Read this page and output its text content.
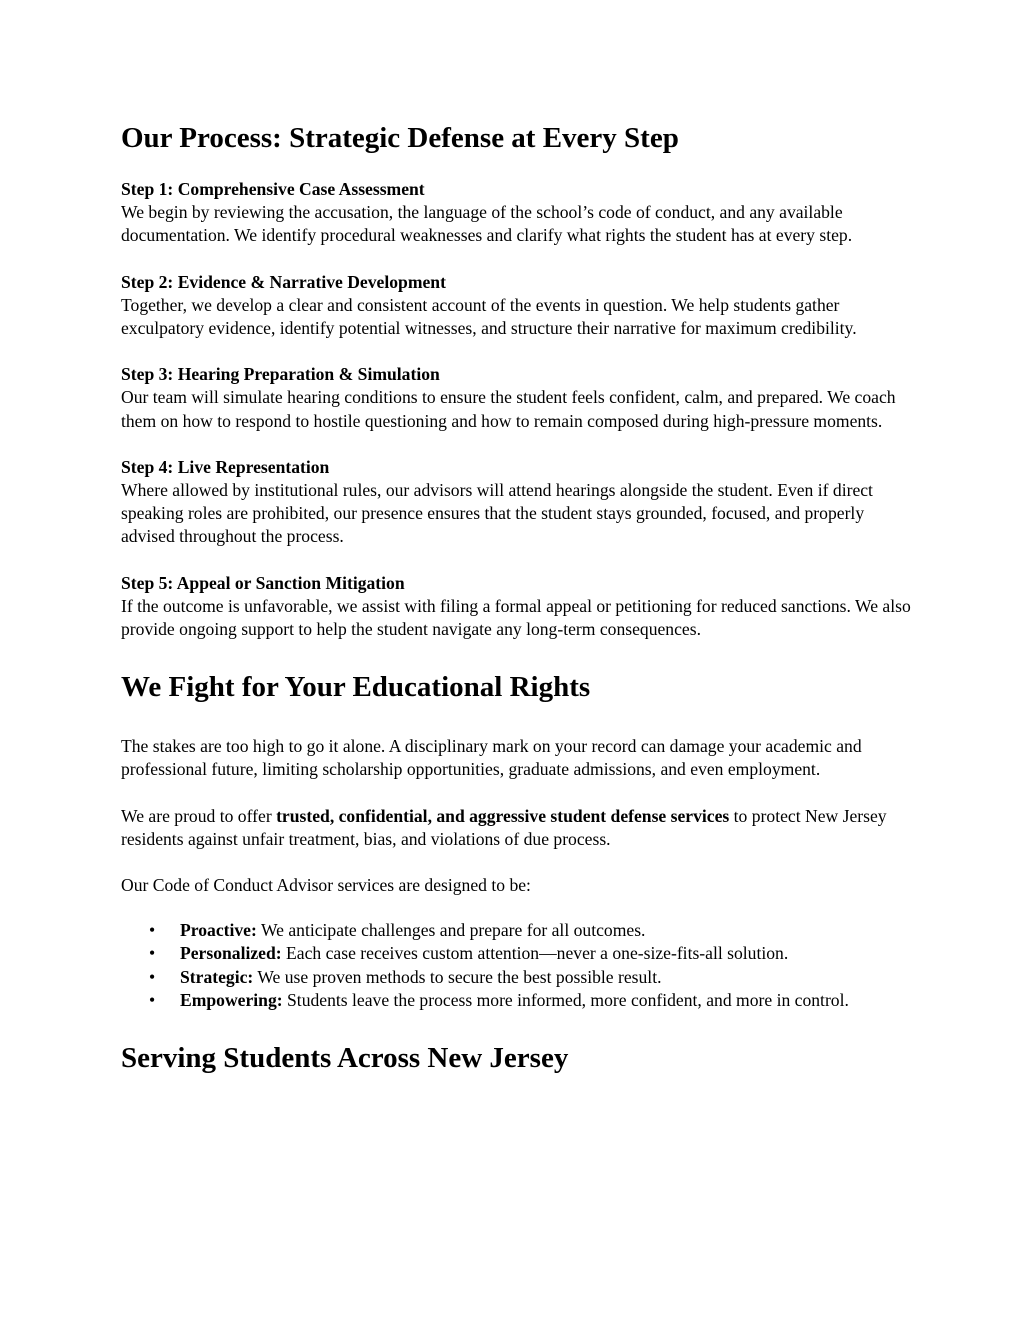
Our Process: Strategic Defense at Every Step
Step 1: Comprehensive Case Assessment
We begin by reviewing the accusation, the language of the school’s code of conduct, and any available documentation. We identify procedural weaknesses and clarify what rights the student has at every step.
Step 2: Evidence & Narrative Development
Together, we develop a clear and consistent account of the events in question. We help students gather exculpatory evidence, identify potential witnesses, and structure their narrative for maximum credibility.
Step 3: Hearing Preparation & Simulation
Our team will simulate hearing conditions to ensure the student feels confident, calm, and prepared. We coach them on how to respond to hostile questioning and how to remain composed during high-pressure moments.
Step 4: Live Representation
Where allowed by institutional rules, our advisors will attend hearings alongside the student. Even if direct speaking roles are prohibited, our presence ensures that the student stays grounded, focused, and properly advised throughout the process.
Step 5: Appeal or Sanction Mitigation
If the outcome is unfavorable, we assist with filing a formal appeal or petitioning for reduced sanctions. We also provide ongoing support to help the student navigate any long-term consequences.
We Fight for Your Educational Rights

The stakes are too high to go it alone. A disciplinary mark on your record can damage your academic and professional future, limiting scholarship opportunities, graduate admissions, and even employment.

We are proud to offer trusted, confidential, and aggressive student defense services to protect New Jersey residents against unfair treatment, bias, and violations of due process.

Our Code of Conduct Advisor services are designed to be:

• Proactive: We anticipate challenges and prepare for all outcomes.
• Personalized: Each case receives custom attention—never a one-size-fits-all solution.
• Strategic: We use proven methods to secure the best possible result.
• Empowering: Students leave the process more informed, more confident, and more in control.
Serving Students Across New Jersey
